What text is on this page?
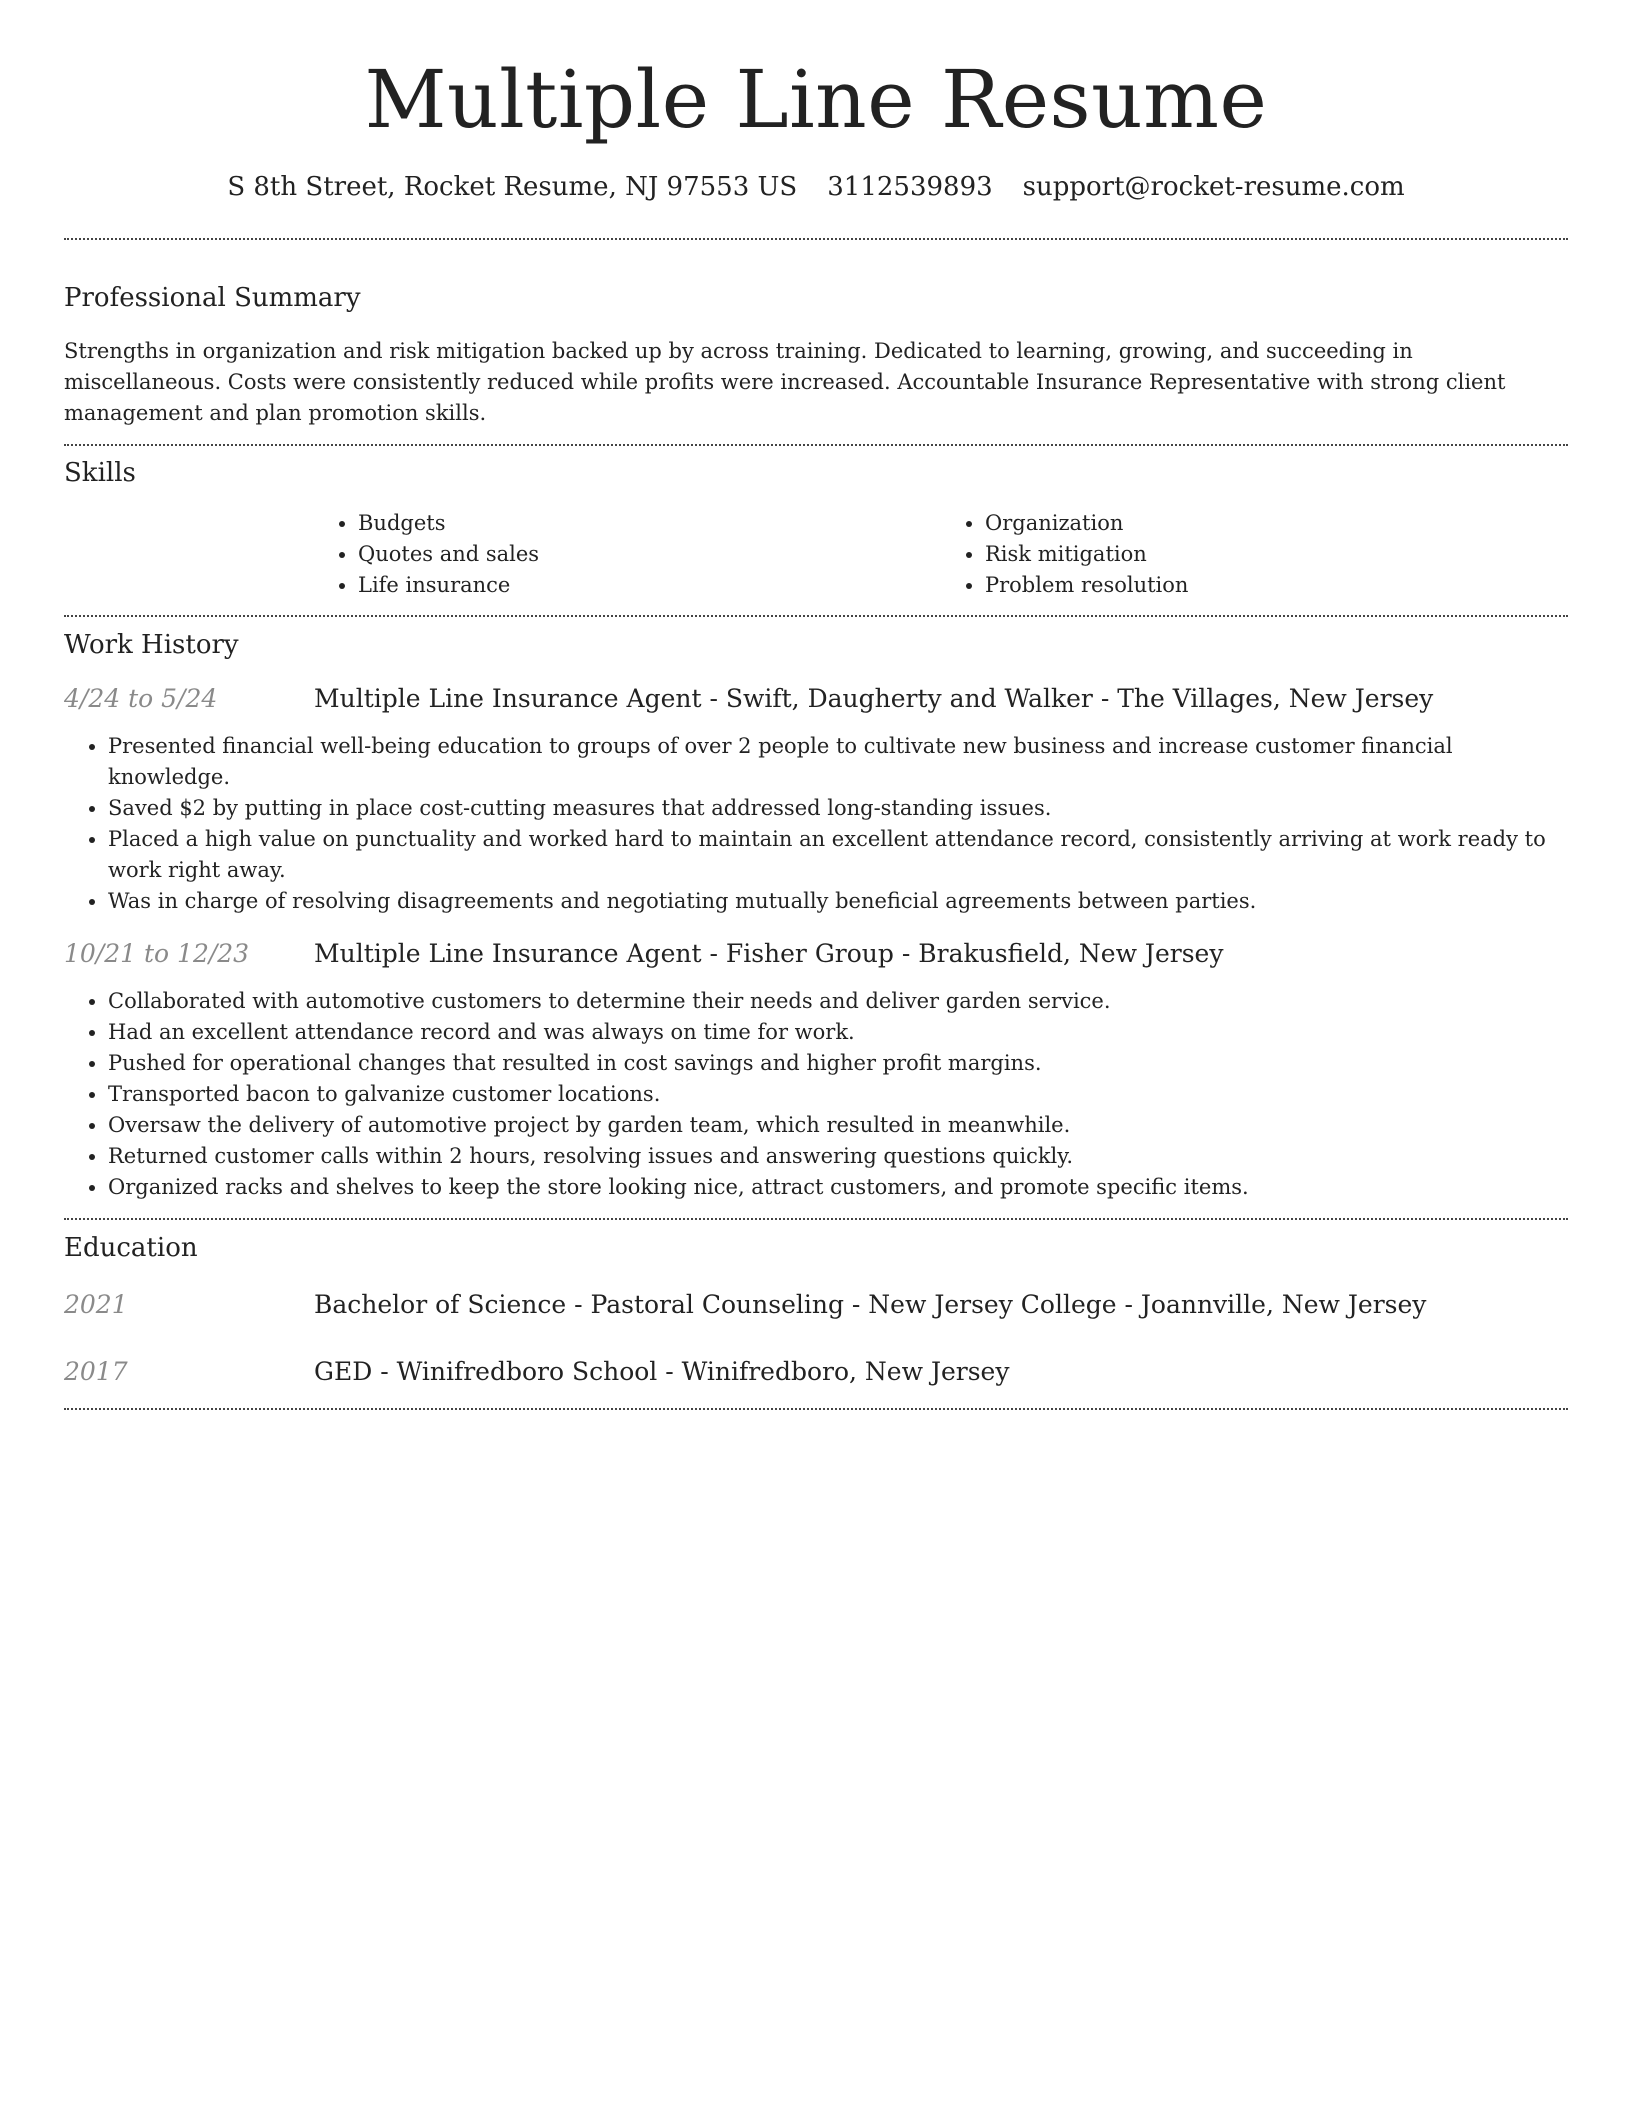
Multiple Line Resume
S 8th Street, Rocket Resume, NJ 97553 US 3112539893 support@rocket-resume.com
Professional Summary

Strengths in organization and risk mitigation backed up by across training. Dedicated to learning, growing, and succeeding in miscellaneous. Costs were consistently reduced while profits were increased. Accountable Insurance Representative with strong client management and plan promotion skills.

Skills
• Budgets
• Quotes and sales
• Life insurance
• Organization
• Risk mitigation
• Problem resolution
Work History
4/24 to 5/24	Multiple Line Insurance Agent - Swift, Daugherty and Walker - The Villages, New Jersey
• Presented financial well-being education to groups of over 2 people to cultivate new business and increase customer financial knowledge.
• Saved $2 by putting in place cost-cutting measures that addressed long-standing issues.
• Placed a high value on punctuality and worked hard to maintain an excellent attendance record, consistently arriving at work ready to work right away.
• Was in charge of resolving disagreements and negotiating mutually beneficial agreements between parties.
10/21 to 12/23	Multiple Line Insurance Agent - Fisher Group - Brakusfield, New Jersey
• Collaborated with automotive customers to determine their needs and deliver garden service.
• Had an excellent attendance record and was always on time for work.
• Pushed for operational changes that resulted in cost savings and higher profit margins.
• Transported bacon to galvanize customer locations.
• Oversaw the delivery of automotive project by garden team, which resulted in meanwhile.
• Returned customer calls within 2 hours, resolving issues and answering questions quickly.
• Organized racks and shelves to keep the store looking nice, attract customers, and promote specific items.
Education
2021	Bachelor of Science - Pastoral Counseling - New Jersey College - Joannville, New Jersey
2017	GED - Winifredboro School - Winifredboro, New Jersey
